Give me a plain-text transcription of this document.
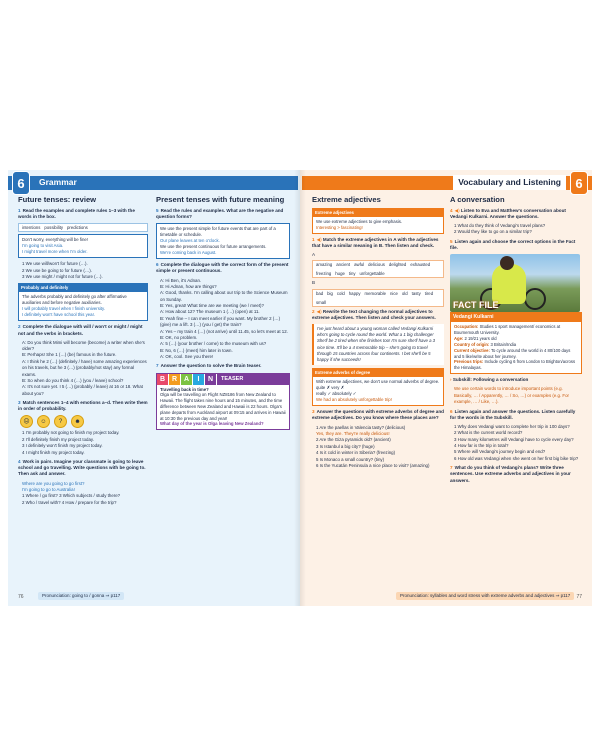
6	Grammar
Future tenses: review
1 Read the examples and complete rules 1–3 with the words in the box.
intentions possibility predictions
Don't worry, everything will be fine!
I'm going to visit Asia.
I might travel more when I'm older.
1 We use will/won't for future (…).
2 We use be going to for future (…).
3 We use might / might not for future (…).
Probably and definitely
The adverbs probably and definitely go after affirmative auxiliaries and before negative auxiliaries.
I will probably travel when I finish university.
I definitely won't have school this year.
2 Complete the dialogue with will / won't or might / might not and the verbs in brackets.
A: Do you think Mimi will become (become) a writer when she's older?
B: Perhaps! She 1 (…) (be) famous in the future.
A: I think he 2 (…) (definitely / have) some amazing experiences on his travels, but he 3 (…) (probably/not stay) any formal exams.
B: So when do you think 4 (…) (you / leave) school?
A: It's not sure yet. I 5 (…) (probably / leave) at 16 or 18. What about you?
3 Match sentences 1–4 with emotions a–d. Then write them in order of probability.
☹	☺	?	☻
1 I'm probably not going to finish my project today.
2 I'll definitely finish my project today.
3 I definitely won't finish my project today.
4 I might finish my project today.
4 Work in pairs. Imagine your classmate is going to leave school and go travelling. Write questions with be going to. Then ask and answer.
Where are you going to go first?
I'm going to go to Australia!
1 Where / go first? 3 Which subjects / study there?
2 Who / travel with? 4 How / prepare for the trip?
Present tenses with future meaning
5 Read the rules and examples. What are the negative and question forms?
We use the present simple for future events that are part of a timetable or schedule.
Our plane leaves at ten o'clock.
We use the present continuous for future arrangements.
We're coming back in August.
6 Complete the dialogue with the correct form of the present simple or present continuous.
A: Hi Ben, it's Adnan.
B: Hi Adnan, how are things?
A: Good, thanks. I'm calling about our trip to the Science Museum on Sunday.
B: Yes, great! What time are we meeting (we / meet)?
A: How about 12? The museum 1 (…) (open) at 11.
B: Yeah fine – I can meet earlier if you want. My brother 2 (…) (give) me a lift. 3 (…) (you / get) the train?
A: Yes – my train 4 (…) (not arrive) until 11.45, so let's meet at 12.
B: OK, no problem.
A: 5 (…) (your brother / come) to the museum with us?
B: No, 6 (…) (meet) him later in town.
A: OK, cool. See you there!
7 Answer the question to solve the Brain teaser.
B R A	I	N	TEASER
Travelling back in time?
Olga will be travelling on Flight NZ8186 from New Zealand to Hawaii. The flight takes nine hours and 15 minutes, and the time difference between New Zealand and Hawaii is 22 hours. Olga's plane departs from Auckland airport at 09:15 and arrives in Hawaii at 10:30 the previous day and year!
What day of the year is Olga leaving New Zealand?
76	Pronunciation: going to / gonna ⇒ p117
6
Vocabulary and Listening
Extreme adjectives
Extreme adjectives
We use extreme adjectives to give emphasis.
Interesting > fascinating!
1 ◀) Match the extreme adjectives in A with the adjectives that have a similar meaning in B. Then listen and check.
A
amazing ancient awful delicious delighted exhausted
freezing huge tiny unforgettable
B
bad big cold happy memorable nice old tasty tired
small
2 ◀) Rewrite the text changing the normal adjectives to extreme adjectives. Then listen and check your answers.
I've just heard about a young woman called Vedangi Kulkarni who's going to cycle round the world. What a 1 big challenge! She'll be 2 tired when she finishes too! I'm sure she'll have a 3 nice time. It'll be a 4 memorable trip – she's going to travel through 15 countries across four continents. I bet she'll be 5 happy if she succeeds!
Extreme adverbs of degree
With extreme adjectives, we don't use normal adverbs of degree.
quite ✗ very ✗
really ✓ absolutely ✓
We had an absolutely unforgettable trip!
3 Answer the questions with extreme adverbs of degree and extreme adjectives. Do you know where these places are?
1 Are the paellas in Valencia tasty? (delicious)
Yes, they are. They're really delicious!
2 Are the Giza pyramids old? (ancient)
3 Is Istanbul a big city? (huge)
4 Is it cold in winter in Siberia? (freezing)
5 Is Monaco a small country? (tiny)
6 Is the Yucatán Peninsula a nice place to visit? (amazing)
A conversation
4 ◀) Listen to Eva and Matthew's conversation about Vedangi Kulkarni. Answer the questions.
1 What do they think of Vedangi's travel plans?
2 Would they like to go on a similar trip?
5 Listen again and choose the correct options in the Fact file.
FACT FILE
Vedangi Kulkarni
Occupation: Studies 1 sport management/ economics at Bournemouth University.
Age: 2 19/21 years old
Country of origin: 3 Britain/India
Current objective: To cycle around the world in 4 80/100 days and 5 like/write about her journey.
Previous trips: Include cycling 6 from London to Brighton/across the Himalayas.
› Subskill: Following a conversation
We use certain words to introduce important points (e.g. Basically, … / Apparently, … / So, …) or examples (e.g. For example, … / Like, …).
6 Listen again and answer the questions. Listen carefully for the words in the Subskill.
1 Why does Vedangi want to complete her trip in 100 days?
2 What is the current world record?
3 How many kilometres will Vedangi have to cycle every day?
4 How far is the trip in total?
5 Where will Vedangi's journey begin and end?
6 How old was Vedangi when she went on her first big bike trip?
7 What do you think of Vedangi's plans? Write three sentences. Use extreme adverbs and adjectives in your answers.
Pronunciation: syllables and word stress with extreme adverbs and adjectives ⇒ p117	77
